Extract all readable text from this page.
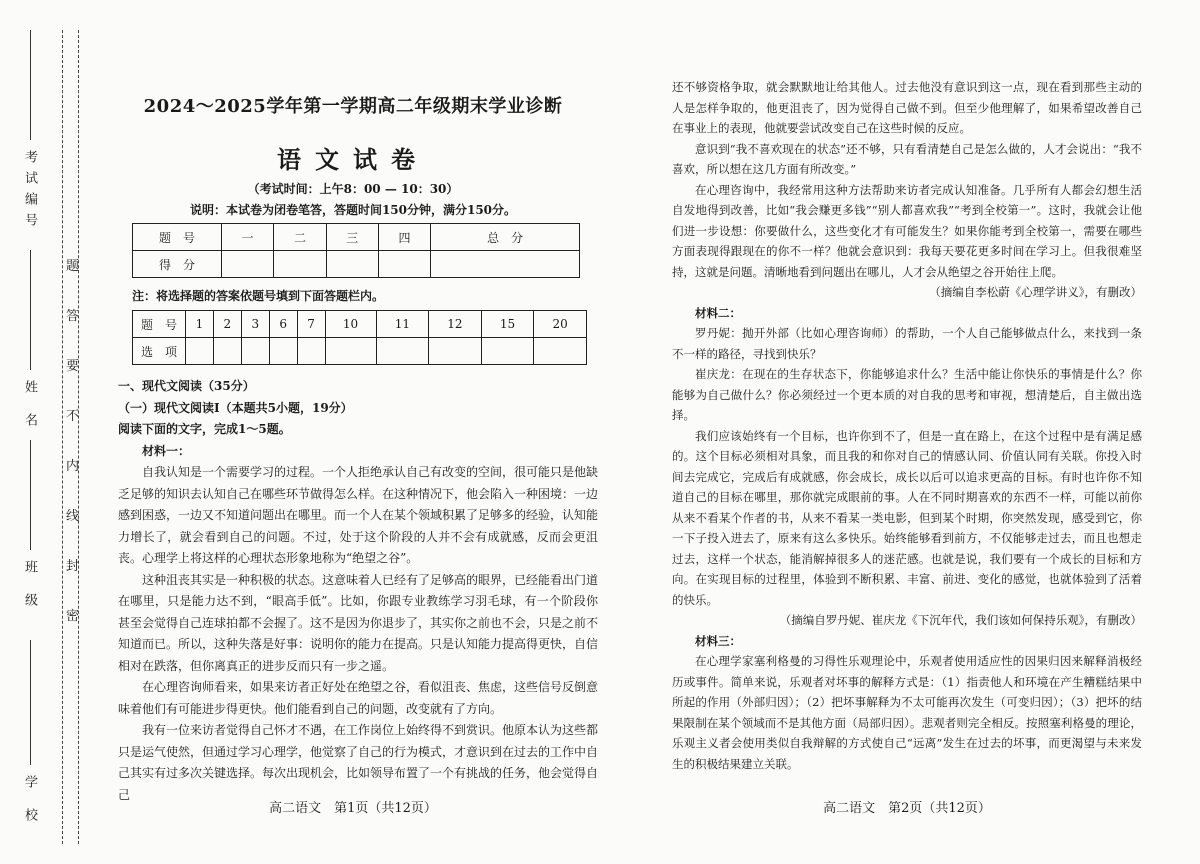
考试编号
姓 名
班 级
学 校
题
答
要
不
内
线
封
密
2024～2025学年第一学期高二年级期末学业诊断
语文试卷
（考试时间：上午8：00 — 10：30）
说明：本试卷为闭卷笔答，答题时间150分钟，满分150分。
题　号	一	二	三	四	总　分
得　分					
注：将选择题的答案依题号填到下面答题栏内。
题　号	1	2	3	6	7	10	11	12	15	20
选　项										
一、现代文阅读（35分）
（一）现代文阅读Ⅰ（本题共5小题，19分）
阅读下面的文字，完成1～5题。
材料一：
自我认知是一个需要学习的过程。一个人拒绝承认自己有改变的空间，很可能只是他缺乏足够的知识去认知自己在哪些环节做得怎么样。在这种情况下，他会陷入一种困境：一边感到困惑，一边又不知道问题出在哪里。而一个人在某个领域积累了足够多的经验，认知能力增长了，就会看到自己的问题。不过，处于这个阶段的人并不会有成就感，反而会更沮丧。心理学上将这样的心理状态形象地称为“绝望之谷”。
这种沮丧其实是一种积极的状态。这意味着人已经有了足够高的眼界，已经能看出门道在哪里，只是能力达不到，“眼高手低”。比如，你跟专业教练学习羽毛球，有一个阶段你甚至会觉得自己连球拍都不会握了。这不是因为你退步了，其实你之前也不会，只是之前不知道而已。所以，这种失落是好事：说明你的能力在提高。只是认知能力提高得更快，自信相对在跌落，但你离真正的进步反而只有一步之遥。
在心理咨询师看来，如果来访者正好处在绝望之谷，看似沮丧、焦虑，这些信号反倒意味着他们有可能进步得更快。他们能看到自己的问题，改变就有了方向。
我有一位来访者觉得自己怀才不遇，在工作岗位上始终得不到赏识。他原本认为这些都只是运气使然，但通过学习心理学，他觉察了自己的行为模式，才意识到在过去的工作中自己其实有过多次关键选择。每次出现机会，比如领导布置了一个有挑战的任务，他会觉得自己
高二语文　第1页（共12页）
还不够资格争取，就会默默地让给其他人。过去他没有意识到这一点，现在看到那些主动的人是怎样争取的，他更沮丧了，因为觉得自己做不到。但至少他理解了，如果希望改善自己在事业上的表现，他就要尝试改变自己在这些时候的反应。
意识到“我不喜欢现在的状态”还不够，只有看清楚自己是怎么做的，人才会说出：“我不喜欢，所以想在这几方面有所改变。”
在心理咨询中，我经常用这种方法帮助来访者完成认知准备。几乎所有人都会幻想生活自发地得到改善，比如“我会赚更多钱”“别人都喜欢我”“考到全校第一”。这时，我就会让他们进一步设想：你要做什么，这些变化才有可能发生？如果你能考到全校第一，需要在哪些方面表现得跟现在的你不一样？他就会意识到：我每天要花更多时间在学习上。但我很难坚持，这就是问题。清晰地看到问题出在哪儿，人才会从绝望之谷开始往上爬。
（摘编自李松蔚《心理学讲义》，有删改）
材料二：
罗丹妮：抛开外部（比如心理咨询师）的帮助，一个人自己能够做点什么，来找到一条不一样的路径，寻找到快乐？
崔庆龙：在现在的生存状态下，你能够追求什么？生活中能让你快乐的事情是什么？你能够为自己做什么？你必须经过一个更本质的对自我的思考和审视，想清楚后，自主做出选择。
我们应该始终有一个目标，也许你到不了，但是一直在路上，在这个过程中是有满足感的。这个目标必须相对具象，而且我的和你对自己的情感认同、价值认同有关联。你投入时间去完成它，完成后有成就感，你会成长，成长以后可以追求更高的目标。有时也许你不知道自己的目标在哪里，那你就完成眼前的事。人在不同时期喜欢的东西不一样，可能以前你从来不看某个作者的书，从来不看某一类电影，但到某个时期，你突然发现，感受到它，你一下子投入进去了，原来有这么多快乐。始终能够看到前方，不仅能够走过去，而且也想走过去，这样一个状态，能消解掉很多人的迷茫感。也就是说，我们要有一个成长的目标和方向。在实现目标的过程里，体验到不断积累、丰富、前进、变化的感觉，也就体验到了活着的快乐。
（摘编自罗丹妮、崔庆龙《下沉年代，我们该如何保持乐观》，有删改）
材料三：
在心理学家塞利格曼的习得性乐观理论中，乐观者使用适应性的因果归因来解释消极经历或事件。简单来说，乐观者对坏事的解释方式是：（1）指责他人和环境在产生糟糕结果中所起的作用（外部归因）；（2）把坏事解释为不太可能再次发生（可变归因）；（3）把坏的结果限制在某个领域而不是其他方面（局部归因）。悲观者则完全相反。按照塞利格曼的理论，乐观主义者会使用类似自我辩解的方式使自己“远离”发生在过去的坏事，而更渴望与未来发生的积极结果建立关联。
高二语文　第2页（共12页）
